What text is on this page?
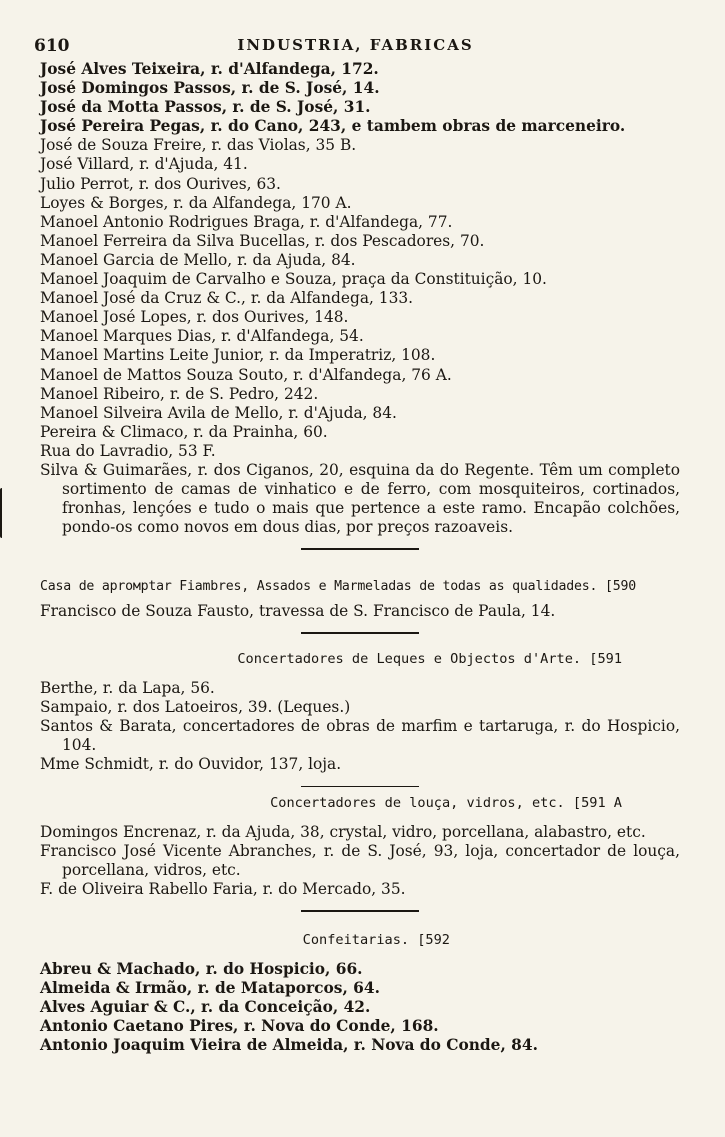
610	INDUSTRIA, FABRICAS

José Alves Teixeira, r. d'Alfandega, 172.

José Domingos Passos, r. de S. José, 14.

José da Motta Passos, r. de S. José, 31.

José Pereira Pegas, r. do Cano, 243, e tambem obras de marceneiro.

José de Souza Freire, r. das Violas, 35 B.

José Villard, r. d'Ajuda, 41.

Julio Perrot, r. dos Ourives, 63.

Loyes & Borges, r. da Alfandega, 170 A.

Manoel Antonio Rodrigues Braga, r. d'Alfandega, 77.

Manoel Ferreira da Silva Bucellas, r. dos Pescadores, 70.

Manoel Garcia de Mello, r. da Ajuda, 84.

Manoel Joaquim de Carvalho e Souza, praça da Constituição, 10.

Manoel José da Cruz & C., r. da Alfandega, 133.

Manoel José Lopes, r. dos Ourives, 148.

Manoel Marques Dias, r. d'Alfandega, 54.

Manoel Martins Leite Junior, r. da Imperatriz, 108.

Manoel de Mattos Souza Souto, r. d'Alfandega, 76 A.

Manoel Ribeiro, r. de S. Pedro, 242.

Manoel Silveira Avila de Mello, r. d'Ajuda, 84.

Pereira & Climaco, r. da Prainha, 60.

Rua do Lavradio, 53 F.

Silva & Guimarães, r. dos Ciganos, 20, esquina da do Regente. Têm um completo sortimento de camas de vinhatico e de ferro, com mosquiteiros, cortinados, fronhas, lençóes e tudo o mais que pertence a este ramo. Encapão colchões, pondo-os como novos em dous dias, por preços razoaveis.

Casa de aprомptar Fiambres, Assados e Marmeladas de todas as qualidades. [590

Francisco de Souza Fausto, travessa de S. Francisco de Paula, 14.

Concertadores de Leques e Objectos d'Arte. [591

Berthe, r. da Lapa, 56.

Sampaio, r. dos Latoeiros, 39. (Leques.)

Santos & Barata, concertadores de obras de marfim e tartaruga, r. do Hospicio, 104.

Mme Schmidt, r. do Ouvidor, 137, loja.

Concertadores de louça, vidros, etc. [591 A

Domingos Encrenaz, r. da Ajuda, 38, crystal, vidro, porcellana, alabastro, etc.

Francisco José Vicente Abranches, r. de S. José, 93, loja, concertador de louça, porcellana, vidros, etc.

F. de Oliveira Rabello Faria, r. do Mercado, 35.

Confeitarias. [592

Abreu & Machado, r. do Hospicio, 66.

Almeida & Irmão, r. de Mataporcos, 64.

Alves Aguiar & C., r. da Conceição, 42.

Antonio Caetano Pires, r. Nova do Conde, 168.

Antonio Joaquim Vieira de Almeida, r. Nova do Conde, 84.
